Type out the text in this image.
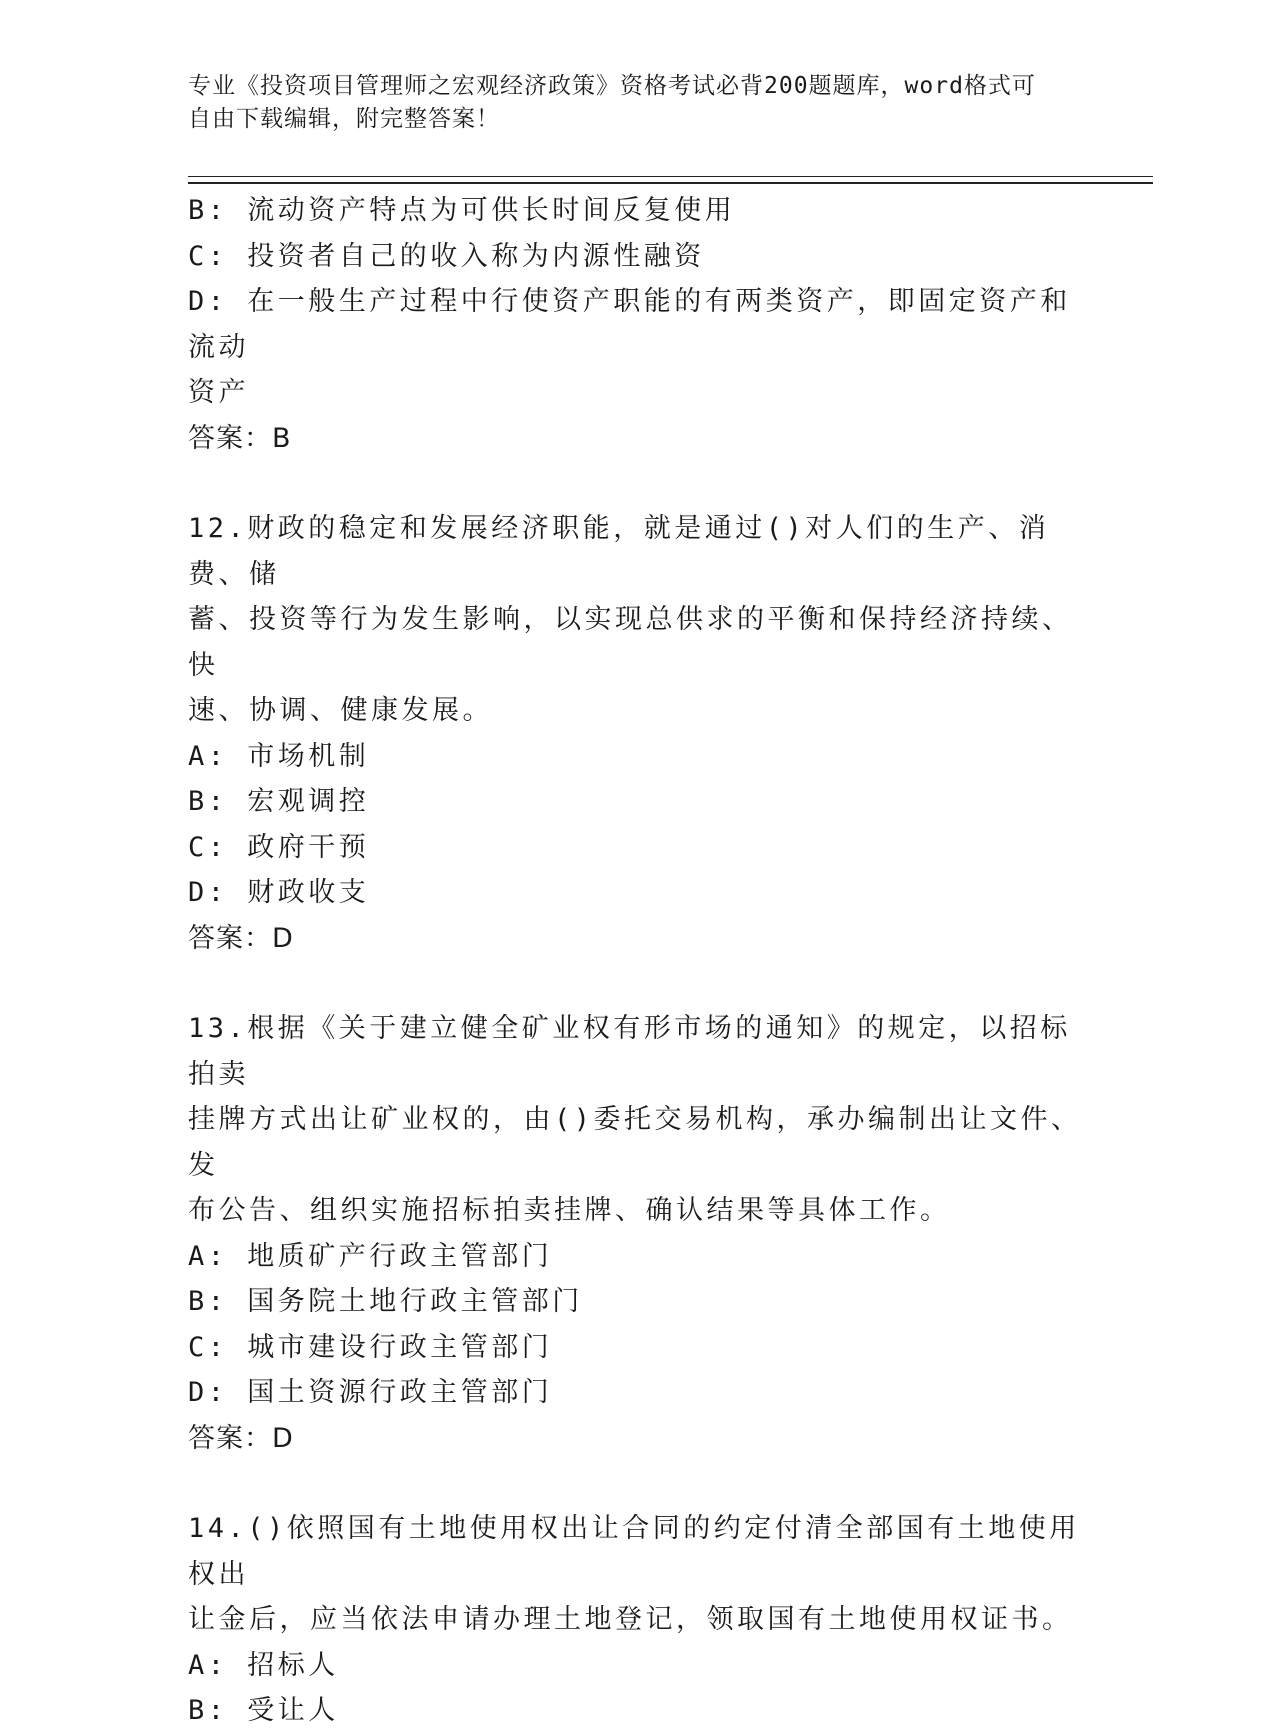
专业《投资项目管理师之宏观经济政策》资格考试必背200题题库，word格式可
自由下载编辑，附完整答案！
B: 流动资产特点为可供长时间反复使用
C: 投资者自己的收入称为内源性融资
D: 在一般生产过程中行使资产职能的有两类资产，即固定资产和流动
资产
答案：B
12.财政的稳定和发展经济职能，就是通过()对人们的生产、消费、储
蓄、投资等行为发生影响，以实现总供求的平衡和保持经济持续、快
速、协调、健康发展。
A: 市场机制
B: 宏观调控
C: 政府干预
D: 财政收支
答案：D
13.根据《关于建立健全矿业权有形市场的通知》的规定，以招标拍卖
挂牌方式出让矿业权的，由()委托交易机构，承办编制出让文件、发
布公告、组织实施招标拍卖挂牌、确认结果等具体工作。
A: 地质矿产行政主管部门
B: 国务院土地行政主管部门
C: 城市建设行政主管部门
D: 国土资源行政主管部门
答案：D
14.()依照国有土地使用权出让合同的约定付清全部国有土地使用权出
让金后，应当依法申请办理土地登记，领取国有土地使用权证书。
A: 招标人
B: 受让人
